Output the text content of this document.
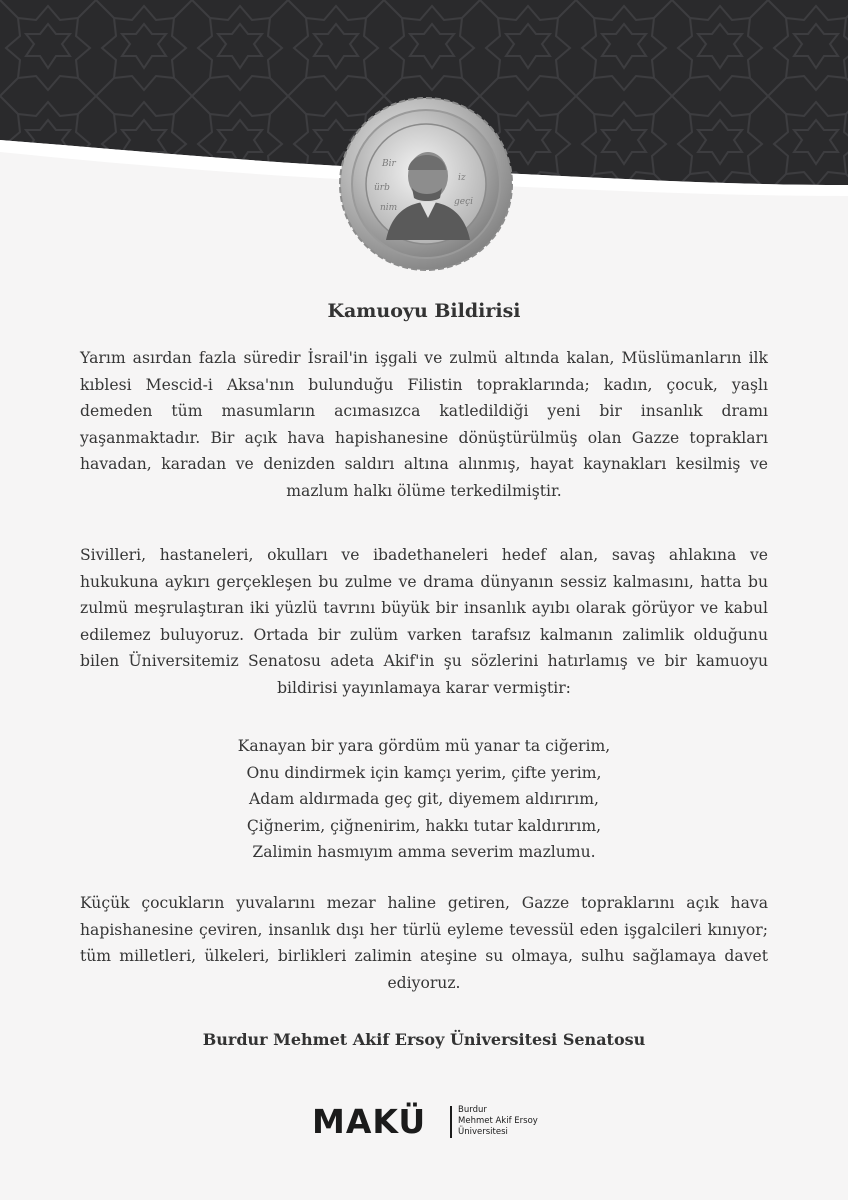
Bir
ürb
nim
geçi
iz
Kamuoyu Bildirisi
Yarım asırdan fazla süredir İsrail'in işgali ve zulmü altında kalan, Müslümanların ilk kıblesi Mescid-i Aksa'nın bulunduğu Filistin topraklarında; kadın, çocuk, yaşlı demeden tüm masumların acımasızca katledildiği yeni bir insanlık dramı yaşanmaktadır. Bir açık hava hapishanesine dönüştürülmüş olan Gazze toprakları havadan, karadan ve denizden saldırı altına alınmış, hayat kaynakları kesilmiş ve mazlum halkı ölüme terkedilmiştir.
Sivilleri, hastaneleri, okulları ve ibadethaneleri hedef alan, savaş ahlakına ve hukukuna aykırı gerçekleşen bu zulme ve drama dünyanın sessiz kalmasını, hatta bu zulmü meşrulaştıran iki yüzlü tavrını büyük bir insanlık ayıbı olarak görüyor ve kabul edilemez buluyoruz. Ortada bir zulüm varken tarafsız kalmanın zalimlik olduğunu bilen Üniversitemiz Senatosu adeta Akif'in şu sözlerini hatırlamış ve bir kamuoyu bildirisi yayınlamaya karar vermiştir:
Kanayan bir yara gördüm mü yanar ta ciğerim,
Onu dindirmek için kamçı yerim, çifte yerim,
Adam aldırmada geç git, diyemem aldırırım,
Çiğnerim, çiğnenirim, hakkı tutar kaldırırım,
Zalimin hasmıyım amma severim mazlumu.
Küçük çocukların yuvalarını mezar haline getiren, Gazze topraklarını açık hava hapishanesine çeviren, insanlık dışı her türlü eyleme tevessül eden işgalcileri kınıyor; tüm milletleri, ülkeleri, birlikleri zalimin ateşine su olmaya, sulhu sağlamaya davet ediyoruz.
Burdur Mehmet Akif Ersoy Üniversitesi Senatosu
MAKÜ	Burdur
Mehmet Akif Ersoy
Üniversitesi
